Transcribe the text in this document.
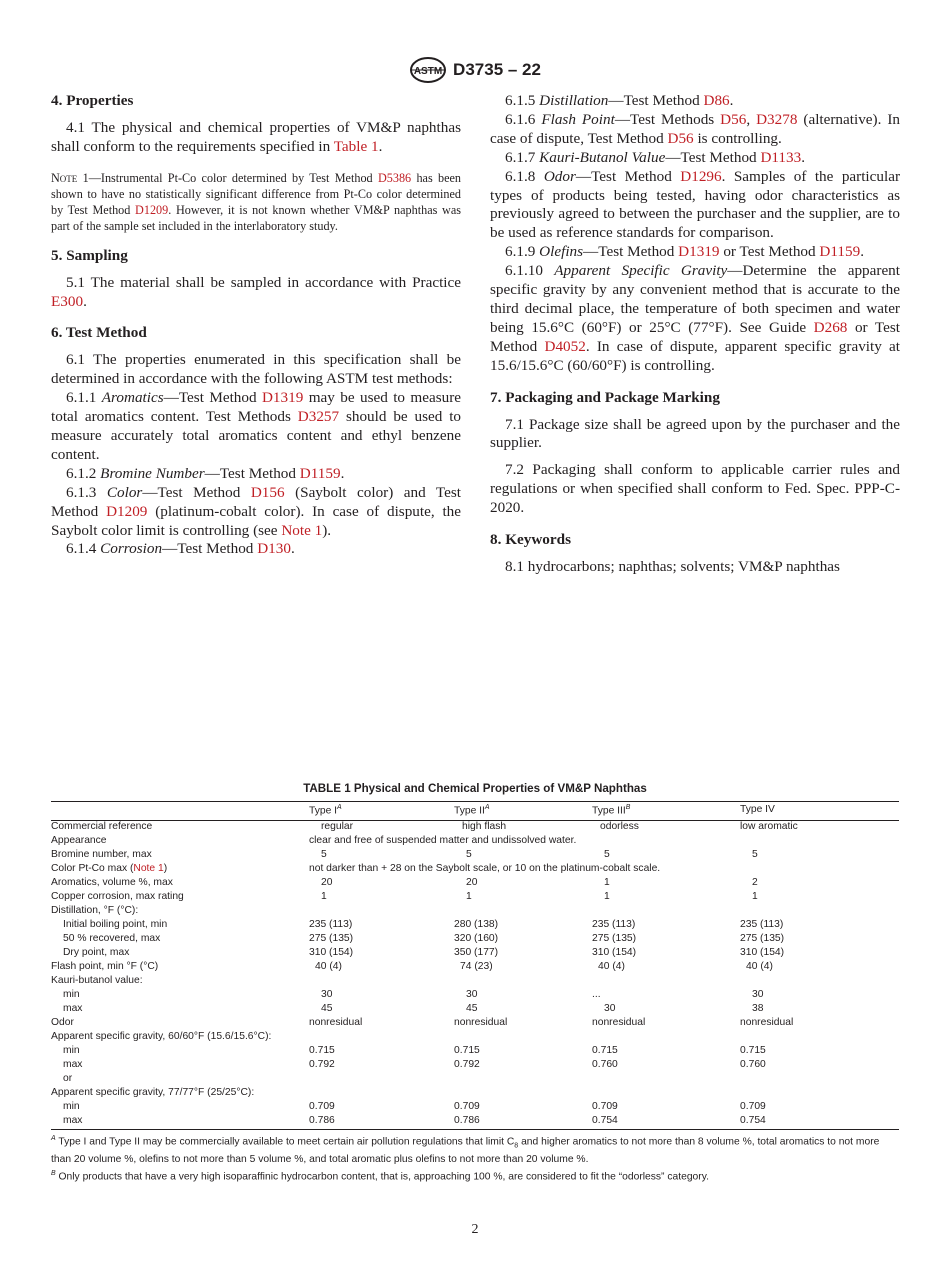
ASTM D3735 – 22
4. Properties

4.1 The physical and chemical properties of VM&P naphthas shall conform to the requirements specified in Table 1.

Note 1—Instrumental Pt-Co color determined by Test Method D5386 has been shown to have no statistically significant difference from Pt-Co color determined by Test Method D1209. However, it is not known whether VM&P naphthas was part of the sample set included in the interlaboratory study.

5. Sampling

5.1 The material shall be sampled in accordance with Practice E300.

6. Test Method

6.1 The properties enumerated in this specification shall be determined in accordance with the following ASTM test methods:

6.1.1 Aromatics—Test Method D1319 may be used to measure total aromatics content. Test Methods D3257 should be used to measure accurately total aromatics content and ethyl benzene content.

6.1.2 Bromine Number—Test Method D1159.

6.1.3 Color—Test Method D156 (Saybolt color) and Test Method D1209 (platinum-cobalt color). In case of dispute, the Saybolt color limit is controlling (see Note 1).

6.1.4 Corrosion—Test Method D130.

6.1.5 Distillation—Test Method D86.

6.1.6 Flash Point—Test Methods D56, D3278 (alternative). In case of dispute, Test Method D56 is controlling.

6.1.7 Kauri-Butanol Value—Test Method D1133.

6.1.8 Odor—Test Method D1296. Samples of the particular types of products being tested, having odor characteristics as previously agreed to between the purchaser and the supplier, are to be used as reference standards for comparison.

6.1.9 Olefins—Test Method D1319 or Test Method D1159.

6.1.10 Apparent Specific Gravity—Determine the apparent specific gravity by any convenient method that is accurate to the third decimal place, the temperature of both specimen and water being 15.6°C (60°F) or 25°C (77°F). See Guide D268 or Test Method D4052. In case of dispute, apparent specific gravity at 15.6/15.6°C (60/60°F) is controlling.

7. Packaging and Package Marking

7.1 Package size shall be agreed upon by the purchaser and the supplier.

7.2 Packaging shall conform to applicable carrier rules and regulations or when specified shall conform to Fed. Spec. PPP-C-2020.

8. Keywords

8.1 hydrocarbons; naphthas; solvents; VM&P naphthas

TABLE 1 Physical and Chemical Properties of VM&P Naphthas
	Type $I^A$	Type $II^A$	Type $III^B$	Type IV
Commercial reference	regular	high flash	odorless	low aromatic
Appearance	clear and free of suspended matter and undissolved water.			
Bromine number, max	5	5	5	5
Color Pt-Co max (Note 1)	not darker than + 28 on the Saybolt scale, or 10 on the platinum-cobalt scale.			
Aromatics, volume %, max	20	20	1	2
Copper corrosion, max rating	1	1	1	1
Distillation, °F (°C):				
Initial boiling point, min	235 (113)	280 (138)	235 (113)	235 (113)
50 % recovered, max	275 (135)	320 (160)	275 (135)	275 (135)
Dry point, max	310 (154)	350 (177)	310 (154)	310 (154)
Flash point, min °F (°C)	40 (4)	74 (23)	40 (4)	40 (4)
Kauri-butanol value:				
min	30	30	...	30
max	45	45	30	38
Odor	nonresidual	nonresidual	nonresidual	nonresidual
Apparent specific gravity, 60/60°F (15.6/15.6°C):				
min	0.715	0.715	0.715	0.715
max	0.792	0.792	0.760	0.760
or				
Apparent specific gravity, 77/77°F (25/25°C):				
min	0.709	0.709	0.709	0.709
max	0.786	0.786	0.754	0.754
$^A$ Type I and Type II may be commercially available to meet certain air pollution regulations that limit $C_8$ and higher aromatics to not more than 8 volume %, total aromatics to not more than 20 volume %, olefins to not more than 5 volume %, and total aromatic plus olefins to not more than 20 volume %.
$^B$ Only products that have a very high isoparaffinic hydrocarbon content, that is, approaching 100 %, are considered to fit the “odorless” category.
2
